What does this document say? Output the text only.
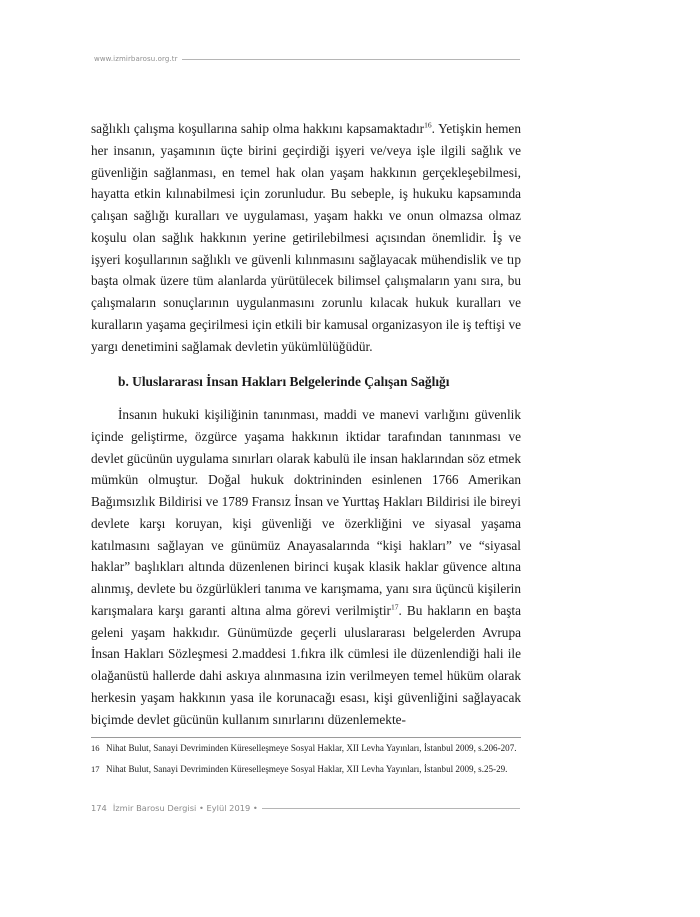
www.izmirbarosu.org.tr

sağlıklı çalışma koşullarına sahip olma hakkını kapsamaktadır$^{16}$. Yetişkin hemen her insanın, yaşamının üçte birini geçirdiği işyeri ve/veya işle ilgili sağlık ve güvenliğin sağlanması, en temel hak olan yaşam hakkının gerçekleşebilmesi, hayatta etkin kılınabilmesi için zorunludur. Bu sebeple, iş hukuku kapsamında çalışan sağlığı kuralları ve uygulaması, yaşam hakkı ve onun olmazsa olmaz koşulu olan sağlık hakkının yerine getirilebilmesi açısından önemlidir. İş ve işyeri koşullarının sağlıklı ve güvenli kılınmasını sağlayacak mühendislik ve tıp başta olmak üzere tüm alanlarda yürütülecek bilimsel çalışmaların yanı sıra, bu çalışmaların sonuçlarının uygulanmasını zorunlu kılacak hukuk kuralları ve kuralların yaşama geçirilmesi için etkili bir kamusal organizasyon ile iş teftişi ve yargı denetimini sağlamak devletin yükümlülüğüdür.

b. Uluslararası İnsan Hakları Belgelerinde Çalışan Sağlığı

İnsanın hukuki kişiliğinin tanınması, maddi ve manevi varlığını güvenlik içinde geliştirme, özgürce yaşama hakkının iktidar tarafından tanınması ve devlet gücünün uygulama sınırları olarak kabulü ile insan haklarından söz etmek mümkün olmuştur. Doğal hukuk doktrininden esinlenen 1766 Amerikan Bağımsızlık Bildirisi ve 1789 Fransız İnsan ve Yurttaş Hakları Bildirisi ile bireyi devlete karşı koruyan, kişi güvenliği ve özerkliğini ve siyasal yaşama katılmasını sağlayan ve günümüz Anayasalarında “kişi hakları” ve “siyasal haklar” başlıkları altında düzenlenen birinci kuşak klasik haklar güvence altına alınmış, devlete bu özgürlükleri tanıma ve karışmama, yanı sıra üçüncü kişilerin karışmalara karşı garanti altına alma görevi verilmiştir$^{17}$. Bu hakların en başta geleni yaşam hakkıdır. Günümüzde geçerli uluslararası belgelerden Avrupa İnsan Hakları Sözleşmesi 2.maddesi 1.fıkra ilk cümlesi ile düzenlendiği hali ile olağanüstü hallerde dahi askıya alınmasına izin verilmeyen temel hüküm olarak herkesin yaşam hakkının yasa ile korunacağı esası, kişi güvenliğini sağlayacak biçimde devlet gücünün kullanım sınırlarını düzenlemekte-

16 Nihat Bulut, Sanayi Devriminden Küreselleşmeye Sosyal Haklar, XII Levha Yayınları, İstanbul 2009, s.206-207.
17 Nihat Bulut, Sanayi Devriminden Küreselleşmeye Sosyal Haklar, XII Levha Yayınları, İstanbul 2009, s.25-29.
174 İzmir Barosu Dergisi • Eylül 2019 •
